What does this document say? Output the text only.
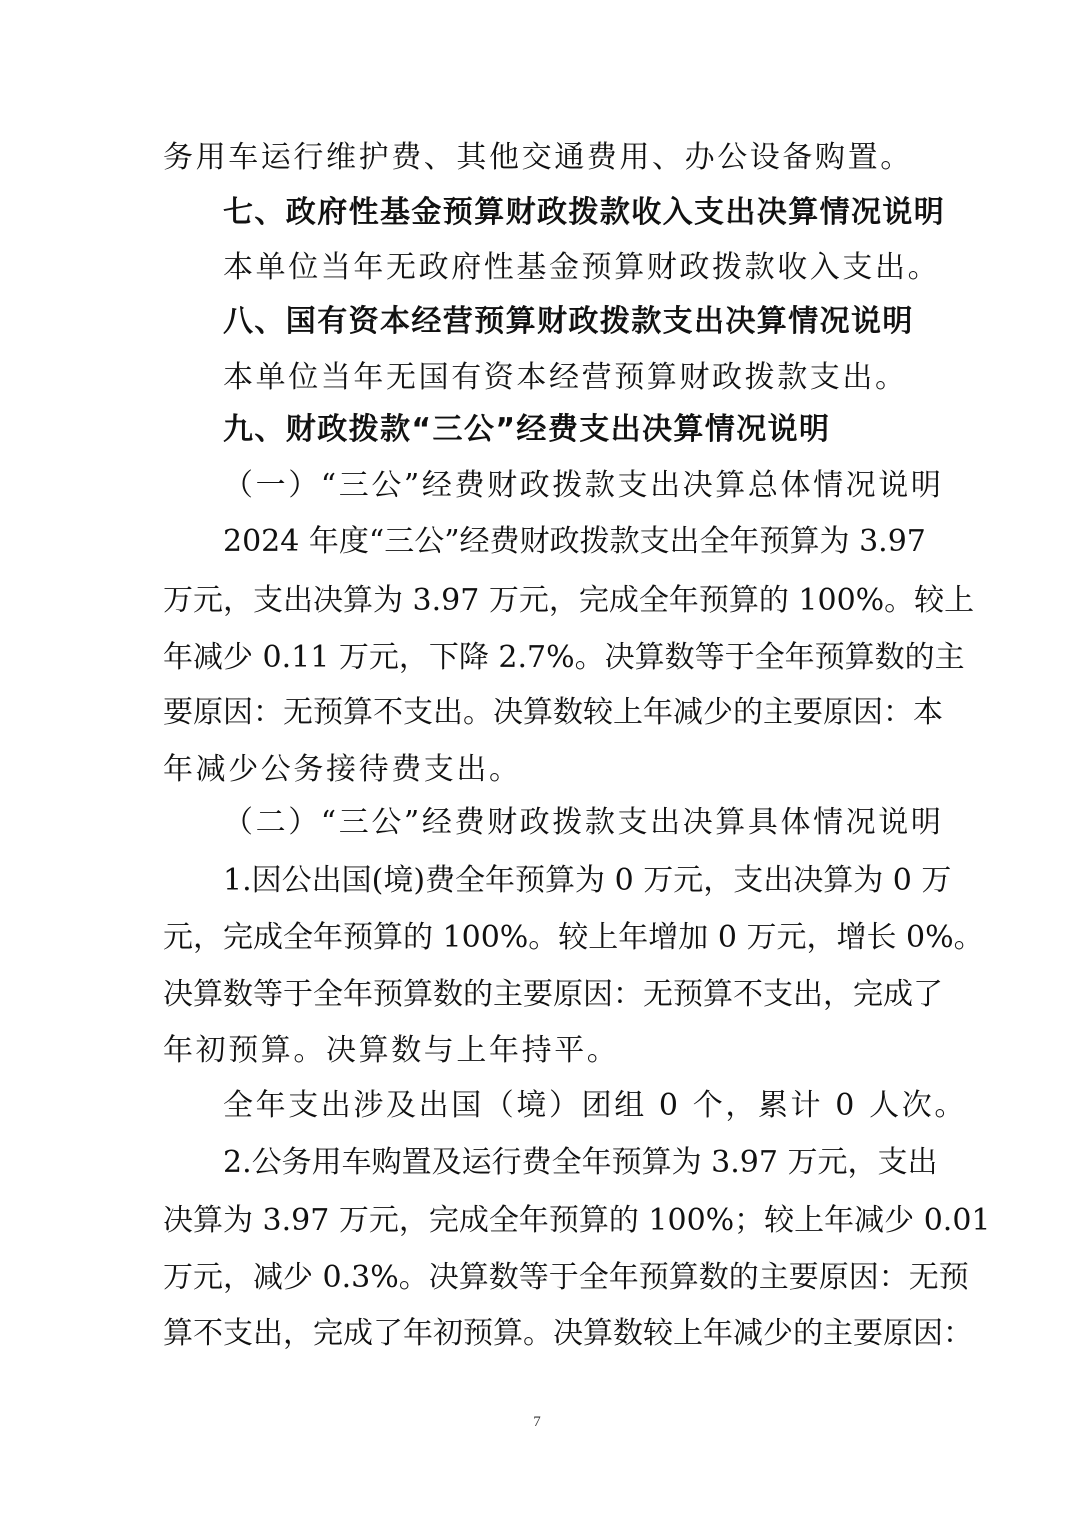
务用车运行维护费、其他交通费用、办公设备购置。
七、政府性基金预算财政拨款收入支出决算情况说明
本单位当年无政府性基金预算财政拨款收入支出。
八、国有资本经营预算财政拨款支出决算情况说明
本单位当年无国有资本经营预算财政拨款支出。
九、财政拨款“三公”经费支出决算情况说明
（一）“三公”经费财政拨款支出决算总体情况说明
2024 年度“三公”经费财政拨款支出全年预算为 3.97
万元，支出决算为 3.97 万元，完成全年预算的 100%。较上
年减少 0.11 万元，下降 2.7%。决算数等于全年预算数的主
要原因：无预算不支出。决算数较上年减少的主要原因：本
年减少公务接待费支出。
（二）“三公”经费财政拨款支出决算具体情况说明
1.因公出国(境)费全年预算为 0 万元，支出决算为 0 万
元，完成全年预算的 100%。较上年增加 0 万元，增长 0%。
决算数等于全年预算数的主要原因：无预算不支出，完成了
年初预算。决算数与上年持平。
全年支出涉及出国（境）团组 0 个，累计 0 人次。
2.公务用车购置及运行费全年预算为 3.97 万元，支出
决算为 3.97 万元，完成全年预算的 100%；较上年减少 0.01
万元，减少 0.3%。决算数等于全年预算数的主要原因：无预
算不支出，完成了年初预算。决算数较上年减少的主要原因：
7
